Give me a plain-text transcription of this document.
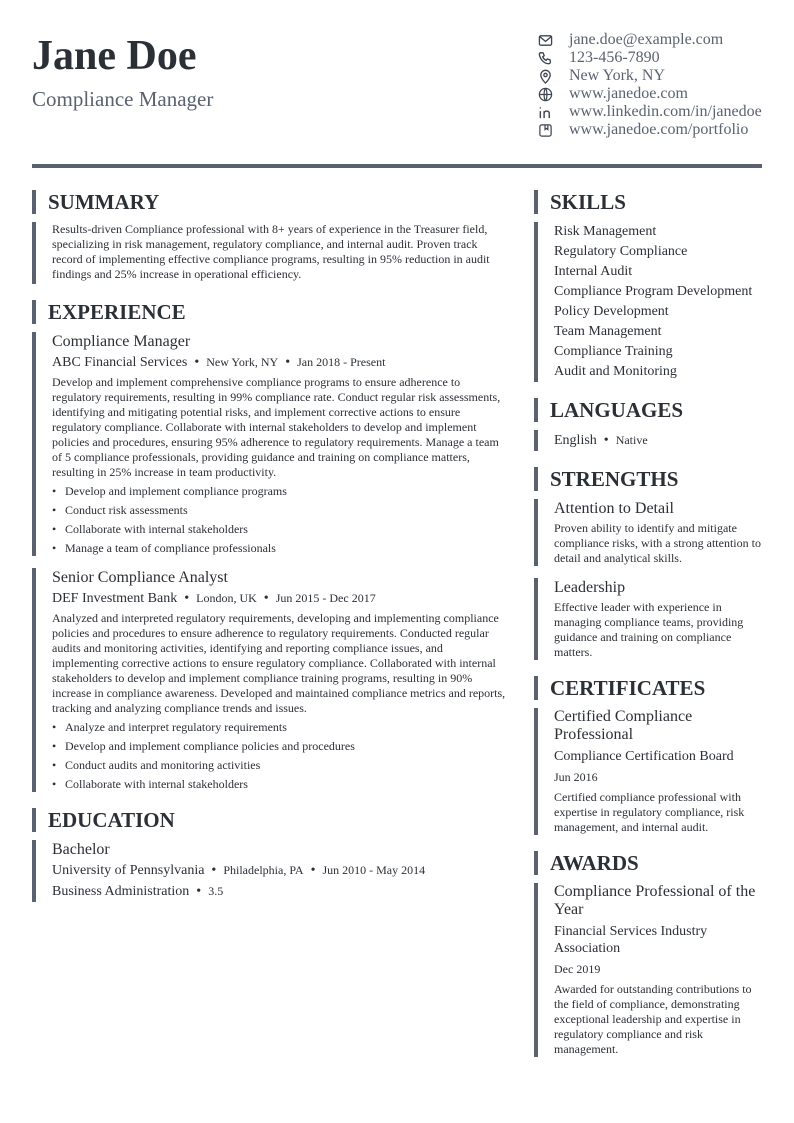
Jane Doe
Compliance Manager
jane.doe@example.com
123-456-7890
New York, NY
www.janedoe.com
www.linkedin.com/in/janedoe
www.janedoe.com/portfolio
SUMMARY
Results-driven Compliance professional with 8+ years of experience in the Treasurer field, specializing in risk management, regulatory compliance, and internal audit. Proven track record of implementing effective compliance programs, resulting in 95% reduction in audit findings and 25% increase in operational efficiency.
EXPERIENCE
Compliance Manager
ABC Financial Services • New York, NY • Jan 2018 - Present
Develop and implement comprehensive compliance programs to ensure adherence to regulatory requirements, resulting in 99% compliance rate. Conduct regular risk assessments, identifying and mitigating potential risks, and implement corrective actions to ensure regulatory compliance. Collaborate with internal stakeholders to develop and implement policies and procedures, ensuring 95% adherence to regulatory requirements. Manage a team of 5 compliance professionals, providing guidance and training on compliance matters, resulting in 25% increase in team productivity.
• Develop and implement compliance programs
• Conduct risk assessments
• Collaborate with internal stakeholders
• Manage a team of compliance professionals
Senior Compliance Analyst
DEF Investment Bank • London, UK • Jun 2015 - Dec 2017
Analyzed and interpreted regulatory requirements, developing and implementing compliance policies and procedures to ensure adherence to regulatory requirements. Conducted regular audits and monitoring activities, identifying and reporting compliance issues, and implementing corrective actions to ensure regulatory compliance. Collaborated with internal stakeholders to develop and implement compliance training programs, resulting in 90% increase in compliance awareness. Developed and maintained compliance metrics and reports, tracking and analyzing compliance trends and issues.
• Analyze and interpret regulatory requirements
• Develop and implement compliance policies and procedures
• Conduct audits and monitoring activities
• Collaborate with internal stakeholders
EDUCATION
Bachelor
University of Pennsylvania • Philadelphia, PA • Jun 2010 - May 2014
Business Administration • 3.5
SKILLS
Risk Management
Regulatory Compliance
Internal Audit
Compliance Program Development
Policy Development
Team Management
Compliance Training
Audit and Monitoring
LANGUAGES
English • Native
STRENGTHS
Attention to Detail
Proven ability to identify and mitigate compliance risks, with a strong attention to detail and analytical skills.
Leadership
Effective leader with experience in managing compliance teams, providing guidance and training on compliance matters.
CERTIFICATES
Certified Compliance Professional
Compliance Certification Board
Jun 2016
Certified compliance professional with expertise in regulatory compliance, risk management, and internal audit.
AWARDS
Compliance Professional of the Year
Financial Services Industry Association
Dec 2019
Awarded for outstanding contributions to the field of compliance, demonstrating exceptional leadership and expertise in regulatory compliance and risk management.
